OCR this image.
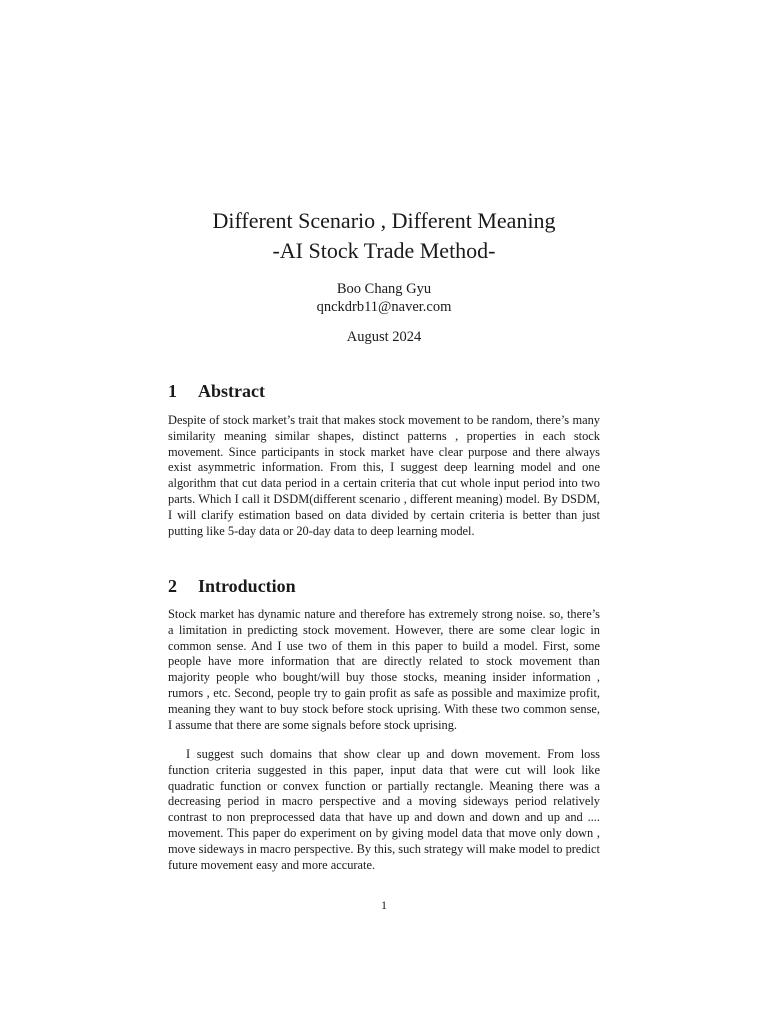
Different Scenario , Different Meaning
-AI Stock Trade Method-
Boo Chang Gyu
qnckdrb11@naver.com
August 2024
1 Abstract
Despite of stock market’s trait that makes stock movement to be random, there’s many similarity meaning similar shapes, distinct patterns , properties in each stock movement. Since participants in stock market have clear purpose and there always exist asymmetric information. From this, I suggest deep learning model and one algorithm that cut data period in a certain criteria that cut whole input period into two parts. Which I call it DSDM(different scenario , different meaning) model. By DSDM, I will clarify estimation based on data divided by certain criteria is better than just putting like 5-day data or 20-day data to deep learning model.
2 Introduction
Stock market has dynamic nature and therefore has extremely strong noise. so, there’s a limitation in predicting stock movement. However, there are some clear logic in common sense. And I use two of them in this paper to build a model. First, some people have more information that are directly related to stock movement than majority people who bought/will buy those stocks, meaning insider information , rumors , etc. Second, people try to gain profit as safe as possible and maximize profit, meaning they want to buy stock before stock uprising. With these two common sense, I assume that there are some signals before stock uprising.
I suggest such domains that show clear up and down movement. From loss function criteria suggested in this paper, input data that were cut will look like quadratic function or convex function or partially rectangle. Meaning there was a decreasing period in macro perspective and a moving sideways period relatively contrast to non preprocessed data that have up and down and down and up and .... movement. This paper do experiment on by giving model data that move only down , move sideways in macro perspective. By this, such strategy will make model to predict future movement easy and more accurate.
1
